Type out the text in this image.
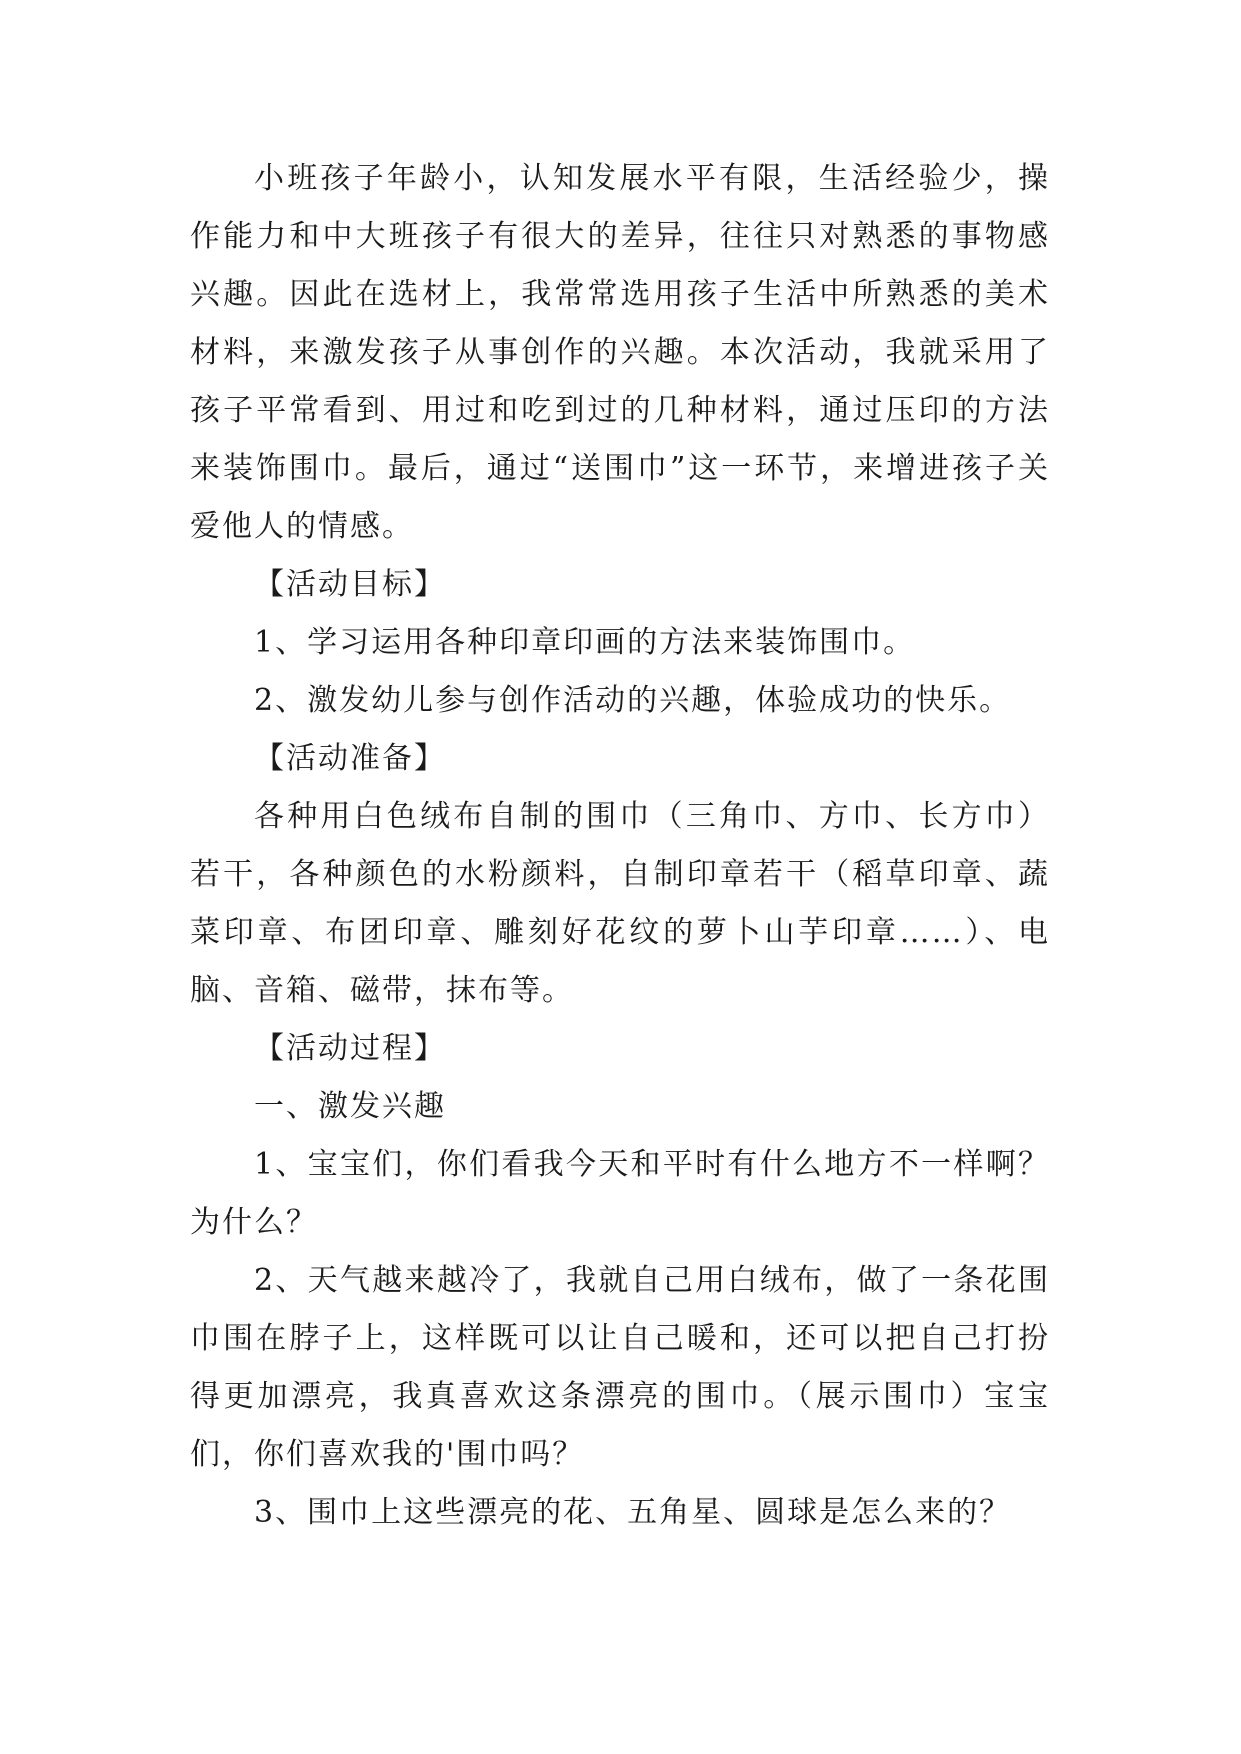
小班孩子年龄小，认知发展水平有限，生活经验少，操作能力和中大班孩子有很大的差异，往往只对熟悉的事物感兴趣。因此在选材上，我常常选用孩子生活中所熟悉的美术材料，来激发孩子从事创作的兴趣。本次活动，我就采用了孩子平常看到、用过和吃到过的几种材料，通过压印的方法来装饰围巾。最后，通过“送围巾”这一环节，来增进孩子关爱他人的情感。

【活动目标】

1、学习运用各种印章印画的方法来装饰围巾。

2、激发幼儿参与创作活动的兴趣，体验成功的快乐。

【活动准备】

各种用白色绒布自制的围巾（三角巾、方巾、长方巾）若干，各种颜色的水粉颜料，自制印章若干（稻草印章、蔬菜印章、布团印章、雕刻好花纹的萝卜山芋印章……）、电脑、音箱、磁带，抹布等。

【活动过程】

一、激发兴趣

1、宝宝们，你们看我今天和平时有什么地方不一样啊？为什么？

2、天气越来越冷了，我就自己用白绒布，做了一条花围巾围在脖子上，这样既可以让自己暖和，还可以把自己打扮得更加漂亮，我真喜欢这条漂亮的围巾。（展示围巾）宝宝们，你们喜欢我的'围巾吗？

3、围巾上这些漂亮的花、五角星、圆球是怎么来的？
